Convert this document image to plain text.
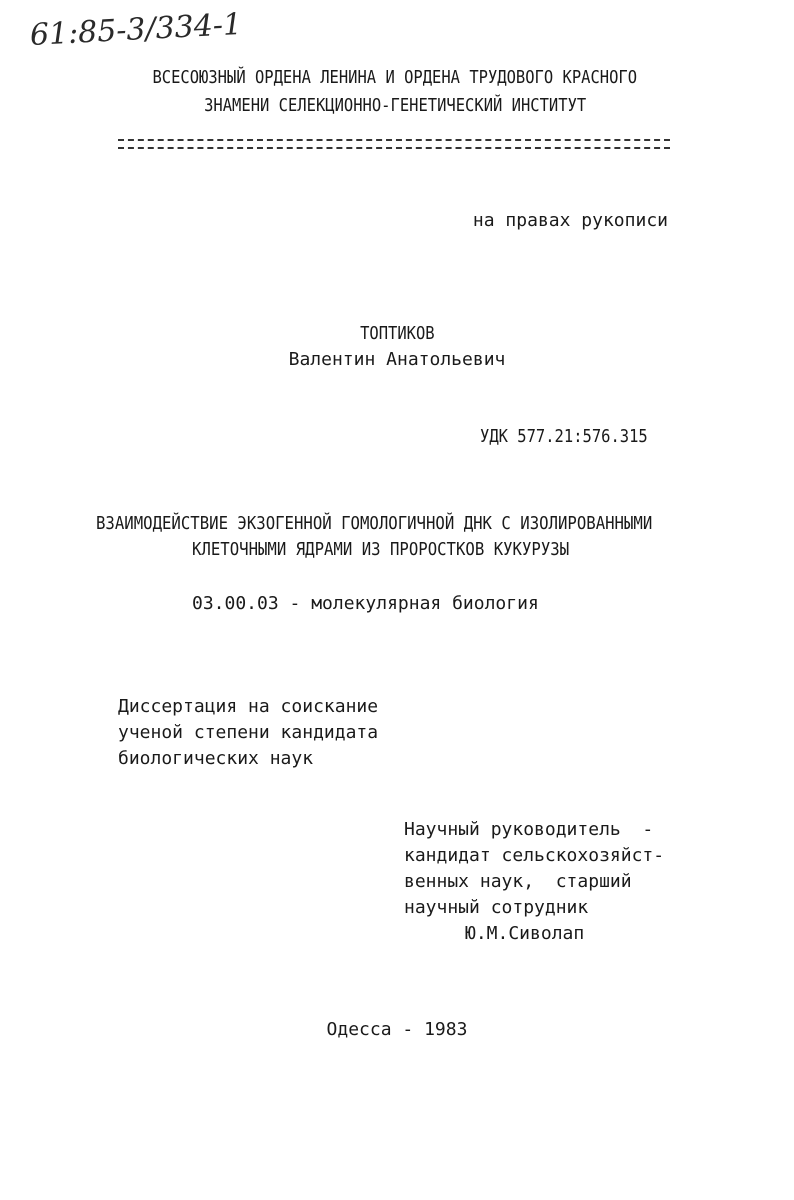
61:85-3/334-1
ВСЕСОЮЗНЫЙ ОРДЕНА ЛЕНИНА И ОРДЕНА ТРУДОВОГО КРАСНОГО
ЗНАМЕНИ СЕЛЕКЦИОННО-ГЕНЕТИЧЕСКИЙ ИНСТИТУТ
на правах рукописи
ТОПТИКОВ
Валентин Анатольевич
УДК 577.21:576.315
ВЗАИМОДЕЙСТВИЕ ЭКЗОГЕННОЙ ГОМОЛОГИЧНОЙ ДНК С ИЗОЛИРОВАННЫМИ
КЛЕТОЧНЫМИ ЯДРАМИ ИЗ ПРОРОСТКОВ КУКУРУЗЫ
03.00.03 - молекулярная биология
Диссертация на соискание
ученой степени кандидата
биологических наук
Научный руководитель  -
кандидат сельскохозяйст-
венных наук,  старший
научный сотрудник
Ю.М.Сиволап
Одесса - 1983
